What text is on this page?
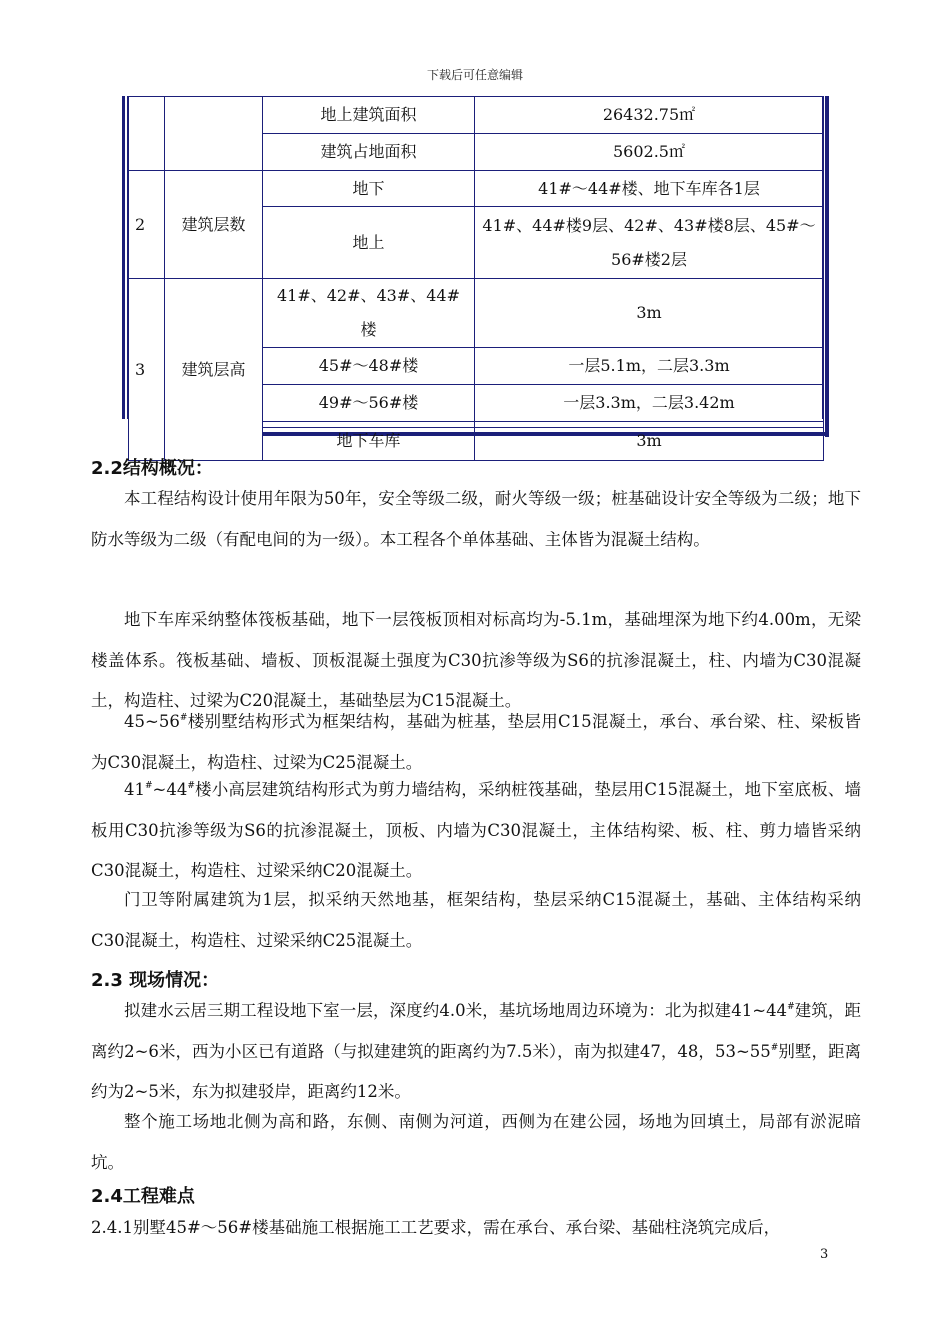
下载后可任意编辑
		地上建筑面积	26432.75㎡
		建筑占地面积	5602.5㎡
2	建筑层数	地下	41#～44#楼、地下车库各1层
		地上	41#、44#楼9层、42#、43#楼8层、45#～56#楼2层
3	建筑层高	41#、42#、43#、44#楼	3m
		45#～48#楼	一层5.1m，二层3.3m
		49#～56#楼	一层3.3m，二层3.42m
		地下车库	3m
2.2结构概况：

本工程结构设计使用年限为50年，安全等级二级，耐火等级一级；桩基础设计安全等级为二级；地下防水等级为二级（有配电间的为一级）。本工程各个单体基础、主体皆为混凝土结构。

地下车库采纳整体筏板基础，地下一层筏板顶相对标高均为-5.1m，基础埋深为地下约4.00m，无梁楼盖体系。筏板基础、墙板、顶板混凝土强度为C30抗渗等级为S6的抗渗混凝土，柱、内墙为C30混凝土，构造柱、过梁为C20混凝土，基础垫层为C15混凝土。

45~56#楼别墅结构形式为框架结构，基础为桩基，垫层用C15混凝土，承台、承台梁、柱、梁板皆为C30混凝土，构造柱、过梁为C25混凝土。

41#~44#楼小高层建筑结构形式为剪力墙结构，采纳桩筏基础，垫层用C15混凝土，地下室底板、墙板用C30抗渗等级为S6的抗渗混凝土，顶板、内墙为C30混凝土，主体结构梁、板、柱、剪力墙皆采纳C30混凝土，构造柱、过梁采纳C20混凝土。

门卫等附属建筑为1层，拟采纳天然地基，框架结构，垫层采纳C15混凝土，基础、主体结构采纳C30混凝土，构造柱、过梁采纳C25混凝土。

2.3 现场情况：

拟建水云居三期工程设地下室一层，深度约4.0米，基坑场地周边环境为：北为拟建41~44#建筑，距离约2~6米，西为小区已有道路（与拟建建筑的距离约为7.5米），南为拟建47，48，53~55#别墅，距离约为2~5米，东为拟建驳岸，距离约12米。

整个施工场地北侧为高和路，东侧、南侧为河道，西侧为在建公园，场地为回填土，局部有淤泥暗坑。

2.4工程难点

2.4.1别墅45#～56#楼基础施工根据施工工艺要求，需在承台、承台梁、基础柱浇筑完成后，

3
